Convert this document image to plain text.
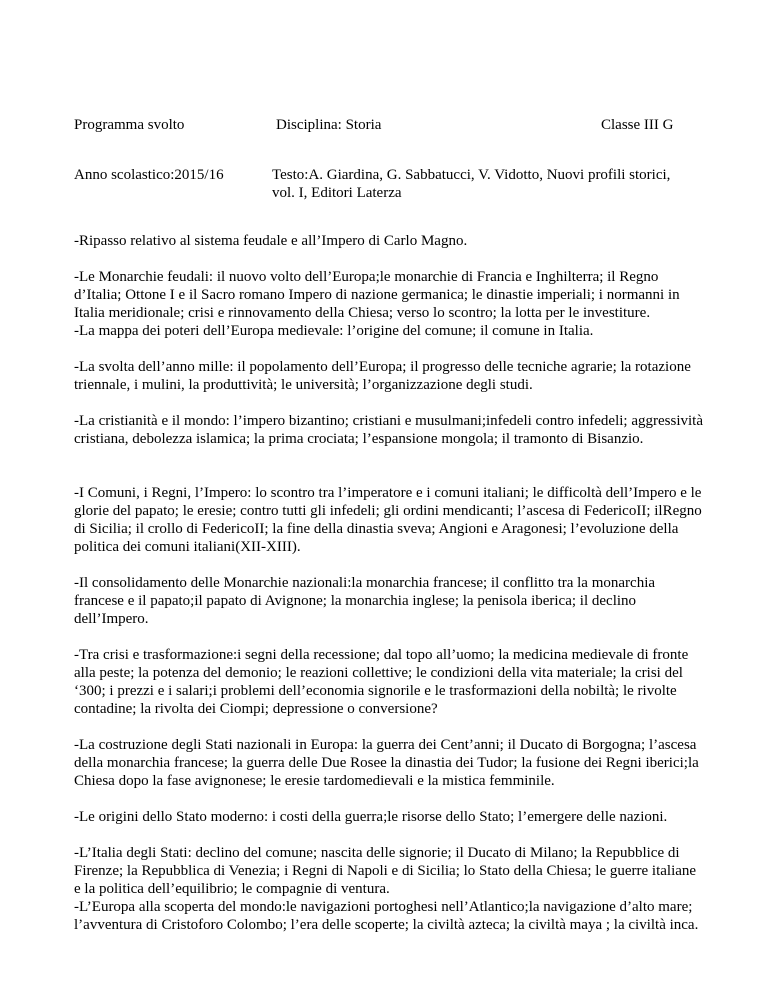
Programma svolto	Disciplina: Storia	Classe III G
Anno scolastico:2015/16	Testo:A. Giardina, G. Sabbatucci, V. Vidotto, Nuovi profili storici,
vol. I, Editori Laterza

-Ripasso relativo al sistema feudale e all’Impero di Carlo Magno.

-Le Monarchie feudali: il nuovo volto dell’Europa;le monarchie di Francia e Inghilterra; il Regno d’Italia; Ottone I e il Sacro romano Impero di nazione germanica; le dinastie imperiali; i normanni in Italia meridionale; crisi e rinnovamento della Chiesa; verso lo scontro; la lotta per le investiture.

-La mappa dei poteri dell’Europa medievale: l’origine del comune; il comune in Italia.

-La svolta dell’anno mille: il popolamento dell’Europa; il progresso delle tecniche agrarie; la rotazione triennale, i mulini, la produttività; le università; l’organizzazione degli studi.

-La cristianità e il mondo: l’impero bizantino; cristiani e musulmani;infedeli contro infedeli; aggressività cristiana, debolezza islamica; la prima crociata; l’espansione mongola; il tramonto di Bisanzio.

-I Comuni, i Regni, l’Impero: lo scontro tra l’imperatore e i comuni italiani; le difficoltà dell’Impero e le glorie del papato; le eresie; contro tutti gli infedeli; gli ordini mendicanti; l’ascesa di FedericoII; ilRegno di Sicilia; il crollo di FedericoII; la fine della dinastia sveva; Angioni e Aragonesi; l’evoluzione della politica dei comuni italiani(XII-XIII).

-Il consolidamento delle Monarchie nazionali:la monarchia francese; il conflitto tra la monarchia francese e il papato;il papato di Avignone; la monarchia inglese; la penisola iberica; il declino dell’Impero.

-Tra crisi e trasformazione:i segni della recessione; dal topo all’uomo; la medicina medievale di fronte alla peste; la potenza del demonio; le reazioni collettive; le condizioni della vita materiale; la crisi del ‘300; i prezzi e i salari;i problemi dell’economia signorile e le trasformazioni della nobiltà; le rivolte contadine; la rivolta dei Ciompi; depressione o conversione?

-La costruzione degli Stati nazionali in Europa: la guerra dei Cent’anni; il Ducato di Borgogna; l’ascesa della monarchia francese; la guerra delle Due Rosee la dinastia dei Tudor; la fusione dei Regni iberici;la Chiesa dopo la fase avignonese; le eresie tardomedievali e la mistica femminile.

-Le origini dello Stato moderno: i costi della guerra;le risorse dello Stato; l’emergere delle nazioni.

-L’Italia degli Stati: declino del comune; nascita delle signorie; il Ducato di Milano; la Repubblice di Firenze; la Repubblica di Venezia; i Regni di Napoli e di Sicilia; lo Stato della Chiesa; le guerre italiane e la politica dell’equilibrio; le compagnie di ventura.

-L’Europa alla scoperta del mondo:le navigazioni portoghesi nell’Atlantico;la navigazione d’alto mare; l’avventura di Cristoforo Colombo; l’era delle scoperte; la civiltà azteca; la civiltà maya ; la civiltà inca.
